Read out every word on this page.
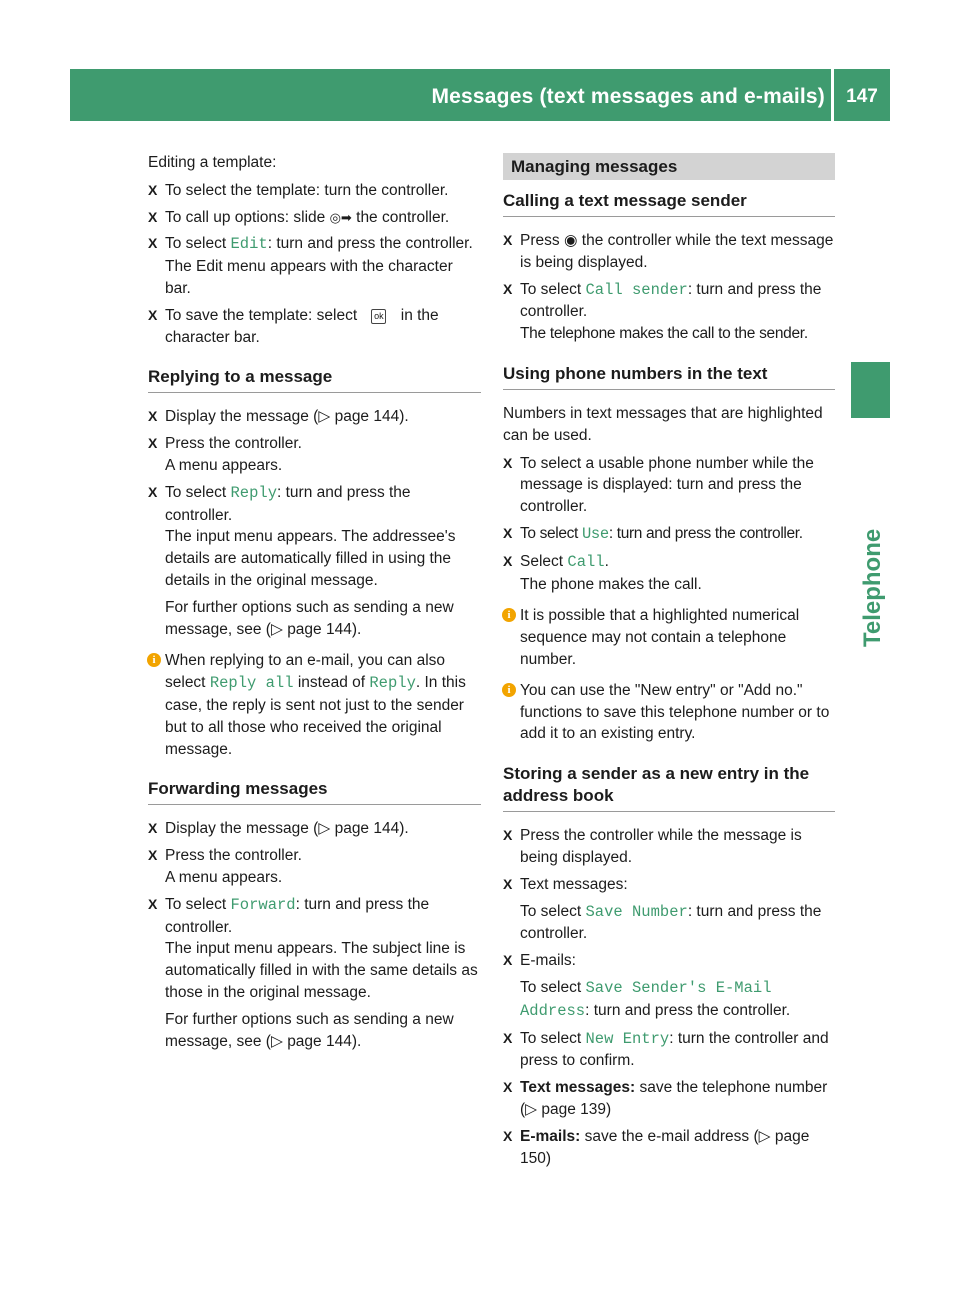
Messages (text messages and e-mails)	147
Telephone

Editing a template:

X To select the template: turn the controller.
X To call up options: slide ◎➡ the controller.
X To select Edit: turn and press the controller.
The Edit menu appears with the character bar.
X To save the template: select ok in the character bar.
Replying to a message
X Display the message (▷ page 144).
X Press the controller.
A menu appears.
X To select Reply: turn and press the controller.
The input menu appears. The addressee's details are automatically filled in using the details in the original message.
For further options such as sending a new message, see (▷ page 144).
i When replying to an e-mail, you can also select Reply all instead of Reply. In this case, the reply is sent not just to the sender but to all those who received the original message.
Forwarding messages
X Display the message (▷ page 144).
X Press the controller.
A menu appears.
X To select Forward: turn and press the controller.
The input menu appears. The subject line is automatically filled in with the same details as those in the original message.
For further options such as sending a new message, see (▷ page 144).
Managing messages
Calling a text message sender
X Press ◉ the controller while the text message is being displayed.
X To select Call sender: turn and press the controller.
The telephone makes the call to the sender.
Using phone numbers in the text

Numbers in text messages that are highlighted can be used.

X To select a usable phone number while the message is displayed: turn and press the controller.
X To select Use: turn and press the controller.
X Select Call.
The phone makes the call.
i It is possible that a highlighted numerical sequence may not contain a telephone number.
i You can use the "New entry" or "Add no." functions to save this telephone number or to add it to an existing entry.
Storing a sender as a new entry in the address book
X Press the controller while the message is being displayed.
X Text messages:
To select Save Number: turn and press the controller.
X E-mails:
To select Save Sender's E-Mail Address: turn and press the controller.
X To select New Entry: turn the controller and press to confirm.
X Text messages: save the telephone number (▷ page 139)
X E-mails: save the e-mail address (▷ page 150)
